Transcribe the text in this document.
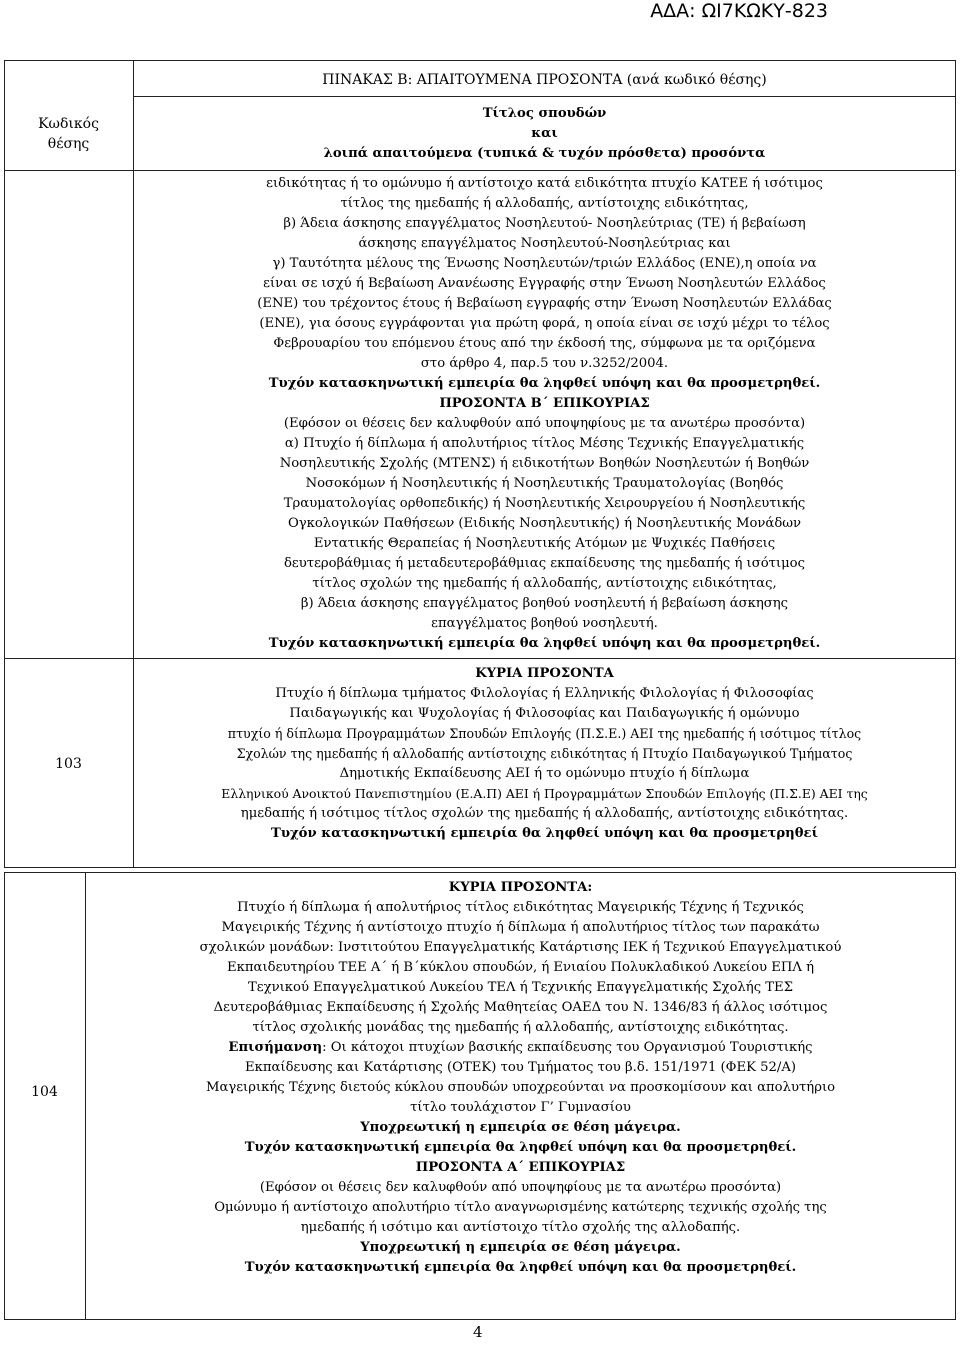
ΑΔΑ: ΩΙ7ΚΩΚΥ-823
ΠΙΝΑΚΑΣ Β: ΑΠΑΙΤΟΥΜΕΝΑ ΠΡΟΣΟΝΤΑ (ανά κωδικό θέσης)
Κωδικός
θέσης
Τίτλος σπουδών
και
λοιπά απαιτούμενα (τυπικά & τυχόν πρόσθετα) προσόντα
ειδικότητας ή το ομώνυμο ή αντίστοιχο κατά ειδικότητα πτυχίο ΚΑΤΕΕ ή ισότιμος
τίτλος της ημεδαπής ή αλλοδαπής, αντίστοιχης ειδικότητας,
β) Άδεια άσκησης επαγγέλματος Νοσηλευτού- Νοσηλεύτριας (ΤΕ) ή βεβαίωση
άσκησης επαγγέλματος Νοσηλευτού-Νοσηλεύτριας και
γ) Ταυτότητα μέλους της Ένωσης Νοσηλευτών/τριών Ελλάδος (ΕΝΕ),η οποία να
είναι σε ισχύ ή Βεβαίωση Ανανέωσης Εγγραφής στην Ένωση Νοσηλευτών Ελλάδος
(ΕΝΕ) του τρέχοντος έτους ή Βεβαίωση εγγραφής στην Ένωση Νοσηλευτών Ελλάδας
(ΕΝΕ), για όσους εγγράφονται για πρώτη φορά, η οποία είναι σε ισχύ μέχρι το τέλος
Φεβρουαρίου του επόμενου έτους από την έκδοσή της, σύμφωνα με τα οριζόμενα
στο άρθρο 4, παρ.5 του ν.3252/2004.
Τυχόν κατασκηνωτική εμπειρία θα ληφθεί υπόψη και θα προσμετρηθεί.
ΠΡΟΣΟΝΤΑ Β΄ ΕΠΙΚΟΥΡΙΑΣ
(Εφόσον οι θέσεις δεν καλυφθούν από υποψηφίους με τα ανωτέρω προσόντα)
α) Πτυχίο ή δίπλωμα ή απολυτήριος τίτλος Μέσης Τεχνικής Επαγγελματικής
Νοσηλευτικής Σχολής (ΜΤΕΝΣ) ή ειδικοτήτων Βοηθών Νοσηλευτών ή Βοηθών
Νοσοκόμων ή Νοσηλευτικής ή Νοσηλευτικής Τραυματολογίας (Βοηθός
Τραυματολογίας ορθοπεδικής) ή Νοσηλευτικής Χειρουργείου ή Νοσηλευτικής
Ογκολογικών Παθήσεων (Ειδικής Νοσηλευτικής) ή Νοσηλευτικής Μονάδων
Εντατικής Θεραπείας ή Νοσηλευτικής Ατόμων με Ψυχικές Παθήσεις
δευτεροβάθμιας ή μεταδευτεροβάθμιας εκπαίδευσης της ημεδαπής ή ισότιμος
τίτλος σχολών της ημεδαπής ή αλλοδαπής, αντίστοιχης ειδικότητας,
β) Άδεια άσκησης επαγγέλματος βοηθού νοσηλευτή ή βεβαίωση άσκησης
επαγγέλματος βοηθού νοσηλευτή.
Τυχόν κατασκηνωτική εμπειρία θα ληφθεί υπόψη και θα προσμετρηθεί.
103
ΚΥΡΙΑ ΠΡΟΣΟΝΤΑ
Πτυχίο ή δίπλωμα τμήματος Φιλολογίας ή Ελληνικής Φιλολογίας ή Φιλοσοφίας
Παιδαγωγικής και Ψυχολογίας ή Φιλοσοφίας και Παιδαγωγικής ή ομώνυμο
πτυχίο ή δίπλωμα Προγραμμάτων Σπουδών Επιλογής (Π.Σ.Ε.) ΑΕΙ της ημεδαπής ή ισότιμος τίτλος
Σχολών της ημεδαπής ή αλλοδαπής αντίστοιχης ειδικότητας ή Πτυχίο Παιδαγωγικού Τμήματος
Δημοτικής Εκπαίδευσης ΑΕΙ ή το ομώνυμο πτυχίο ή δίπλωμα
Ελληνικού Ανοικτού Πανεπιστημίου (Ε.Α.Π) ΑΕΙ ή Προγραμμάτων Σπουδών Επιλογής (Π.Σ.Ε) ΑΕΙ της
ημεδαπής ή ισότιμος τίτλος σχολών της ημεδαπής ή αλλοδαπής, αντίστοιχης ειδικότητας.
Τυχόν κατασκηνωτική εμπειρία θα ληφθεί υπόψη και θα προσμετρηθεί
104
ΚΥΡΙΑ ΠΡΟΣΟΝΤΑ:
Πτυχίο ή δίπλωμα ή απολυτήριος τίτλος ειδικότητας Μαγειρικής Τέχνης ή Τεχνικός
Μαγειρικής Τέχνης ή αντίστοιχο πτυχίο ή δίπλωμα ή απολυτήριος τίτλος των παρακάτω
σχολικών μονάδων: Ινστιτούτου Επαγγελματικής Κατάρτισης ΙΕΚ ή Τεχνικού Επαγγελματικού
Εκπαιδευτηρίου ΤΕΕ Α΄ ή Β΄κύκλου σπουδών, ή Ενιαίου Πολυκλαδικού Λυκείου ΕΠΛ ή
Τεχνικού Επαγγελματικού Λυκείου ΤΕΛ ή Τεχνικής Επαγγελματικής Σχολής ΤΕΣ
Δευτεροβάθμιας Εκπαίδευσης ή Σχολής Μαθητείας ΟΑΕΔ του Ν. 1346/83 ή άλλος ισότιμος
τίτλος σχολικής μονάδας της ημεδαπής ή αλλοδαπής, αντίστοιχης ειδικότητας.
Επισήμανση: Οι κάτοχοι πτυχίων βασικής εκπαίδευσης του Οργανισμού Τουριστικής
Εκπαίδευσης και Κατάρτισης (ΟΤΕΚ) του Τμήματος του β.δ. 151/1971 (ΦΕΚ 52/Α)
Μαγειρικής Τέχνης διετούς κύκλου σπουδών υποχρεούνται να προσκομίσουν και απολυτήριο
τίτλο τουλάχιστον Γ’ Γυμνασίου
Υποχρεωτική η εμπειρία σε θέση μάγειρα.
Τυχόν κατασκηνωτική εμπειρία θα ληφθεί υπόψη και θα προσμετρηθεί.
ΠΡΟΣΟΝΤΑ Α΄ ΕΠΙΚΟΥΡΙΑΣ
(Εφόσον οι θέσεις δεν καλυφθούν από υποψηφίους με τα ανωτέρω προσόντα)
Ομώνυμο ή αντίστοιχο απολυτήριο τίτλο αναγνωρισμένης κατώτερης τεχνικής σχολής της
ημεδαπής ή ισότιμο και αντίστοιχο τίτλο σχολής της αλλοδαπής.
Υποχρεωτική η εμπειρία σε θέση μάγειρα.
Τυχόν κατασκηνωτική εμπειρία θα ληφθεί υπόψη και θα προσμετρηθεί.
4
